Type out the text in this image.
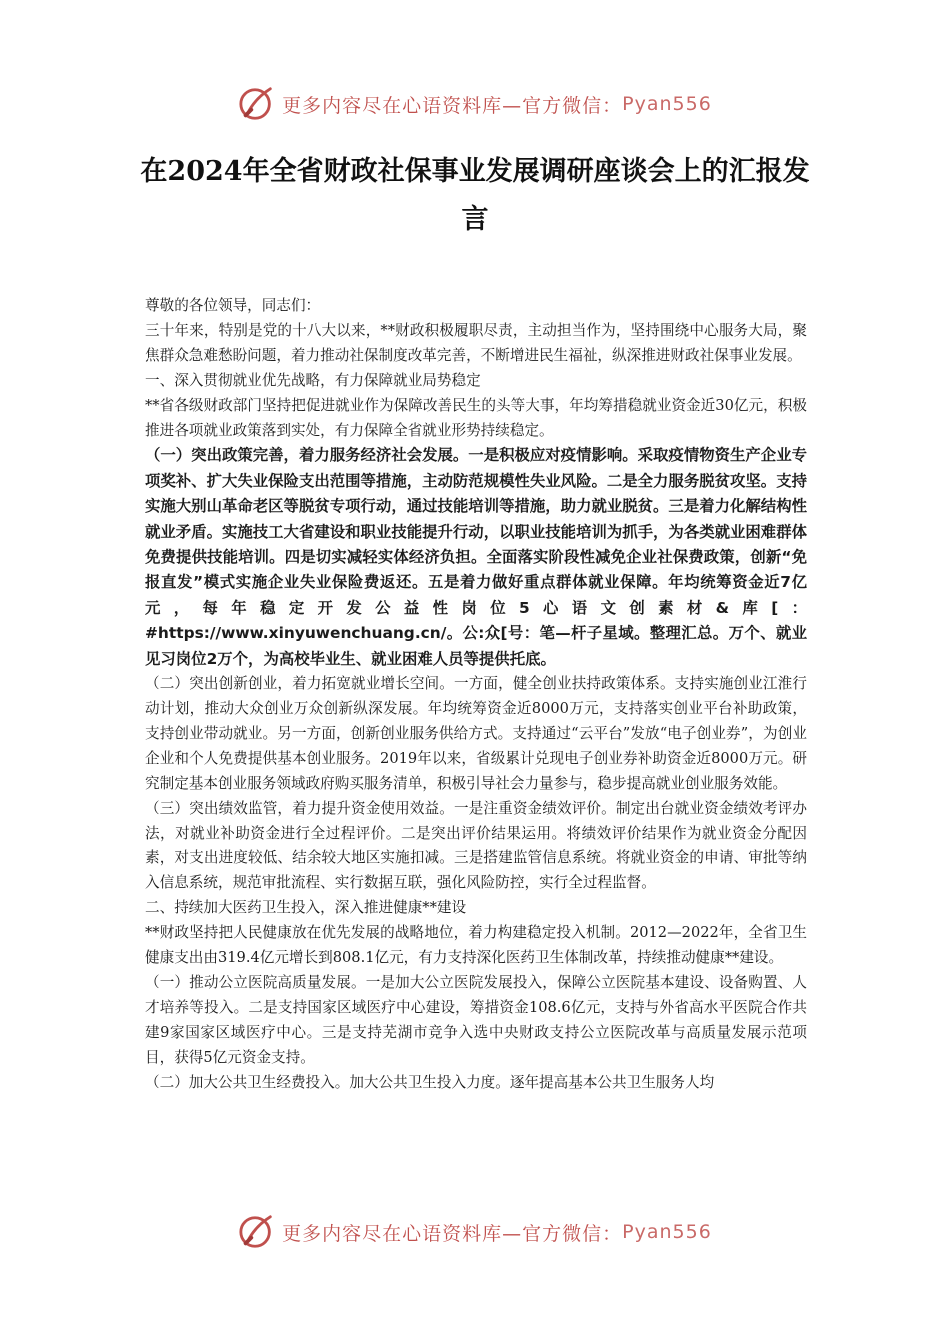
更多内容尽在心语资料库—官方微信： Pyan556
在2024年全省财政社保事业发展调研座谈会上的汇报发言

尊敬的各位领导，同志们：

三十年来，特别是党的十八大以来，**财政积极履职尽责，主动担当作为，坚持围绕中心服务大局，聚焦群众急难愁盼问题，着力推动社保制度改革完善，不断增进民生福祉，纵深推进财政社保事业发展。

一、深入贯彻就业优先战略，有力保障就业局势稳定

**省各级财政部门坚持把促进就业作为保障改善民生的头等大事，年均筹措稳就业资金近30亿元，积极推进各项就业政策落到实处，有力保障全省就业形势持续稳定。

（一）突出政策完善，着力服务经济社会发展。一是积极应对疫情影响。采取疫情物资生产企业专项奖补、扩大失业保险支出范围等措施，主动防范规模性失业风险。二是全力服务脱贫攻坚。支持实施大别山革命老区等脱贫专项行动，通过技能培训等措施，助力就业脱贫。三是着力化解结构性就业矛盾。实施技工大省建设和职业技能提升行动，以职业技能培训为抓手，为各类就业困难群体免费提供技能培训。四是切实减轻实体经济负担。全面落实阶段性减免企业社保费政策，创新“免报直发”模式实施企业失业保险费返还。五是着力做好重点群体就业保障。年均统筹资金近7亿元，每年稳定开发公益性岗位5心语文创素材&库[：#https://www.xinyuwenchuang.cn/。公:众[号：笔—杆子星域。整理汇总。万个、就业见习岗位2万个，为高校毕业生、就业困难人员等提供托底。

（二）突出创新创业，着力拓宽就业增长空间。一方面，健全创业扶持政策体系。支持实施创业江淮行动计划，推动大众创业万众创新纵深发展。年均统筹资金近8000万元，支持落实创业平台补助政策，支持创业带动就业。另一方面，创新创业服务供给方式。支持通过“云平台”发放“电子创业券”，为创业企业和个人免费提供基本创业服务。2019年以来，省级累计兑现电子创业券补助资金近8000万元。研究制定基本创业服务领域政府购买服务清单，积极引导社会力量参与，稳步提高就业创业服务效能。

（三）突出绩效监管，着力提升资金使用效益。一是注重资金绩效评价。制定出台就业资金绩效考评办法，对就业补助资金进行全过程评价。二是突出评价结果运用。将绩效评价结果作为就业资金分配因素，对支出进度较低、结余较大地区实施扣减。三是搭建监管信息系统。将就业资金的申请、审批等纳入信息系统，规范审批流程、实行数据互联，强化风险防控，实行全过程监督。

二、持续加大医药卫生投入，深入推进健康**建设

**财政坚持把人民健康放在优先发展的战略地位，着力构建稳定投入机制。2012—2022年，全省卫生健康支出由319.4亿元增长到808.1亿元，有力支持深化医药卫生体制改革，持续推动健康**建设。

（一）推动公立医院高质量发展。一是加大公立医院发展投入，保障公立医院基本建设、设备购置、人才培养等投入。二是支持国家区域医疗中心建设，筹措资金108.6亿元，支持与外省高水平医院合作共建9家国家区域医疗中心。三是支持芜湖市竞争入选中央财政支持公立医院改革与高质量发展示范项目，获得5亿元资金支持。

（二）加大公共卫生经费投入。加大公共卫生投入力度。逐年提高基本公共卫生服务人均

更多内容尽在心语资料库—官方微信： Pyan556
